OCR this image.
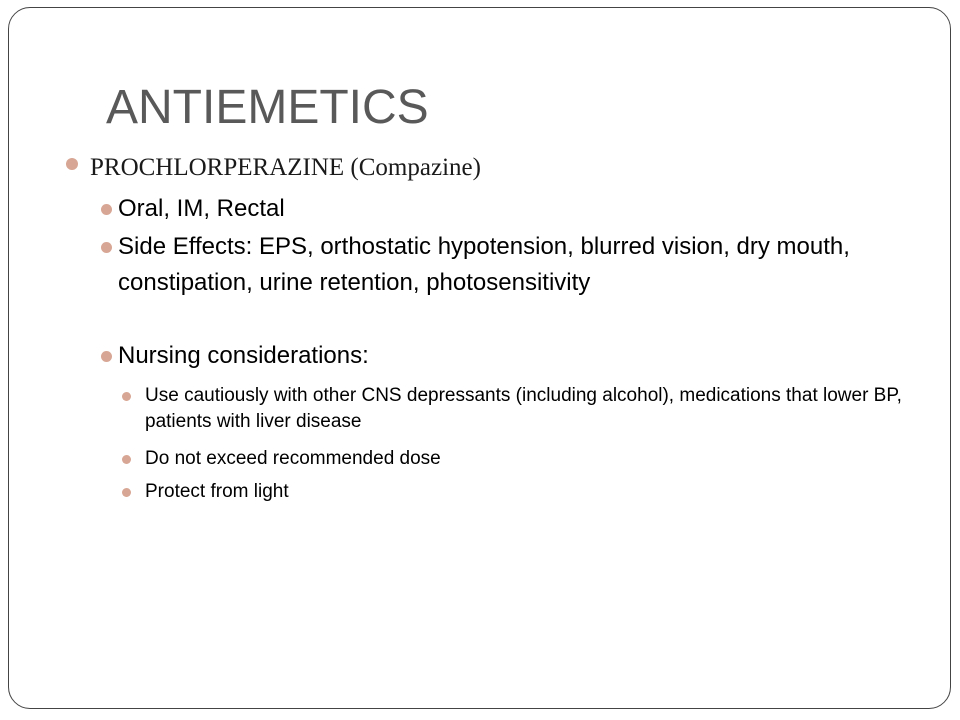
ANTIEMETICS

PROCHLORPERAZINE (Compazine)

Oral, IM, Rectal

Side Effects: EPS, orthostatic hypotension, blurred vision, dry mouth, constipation, urine retention, photosensitivity

Nursing considerations:

Use cautiously with other CNS depressants (including alcohol), medications that lower BP, patients with liver disease

Do not exceed recommended dose

Protect from light
